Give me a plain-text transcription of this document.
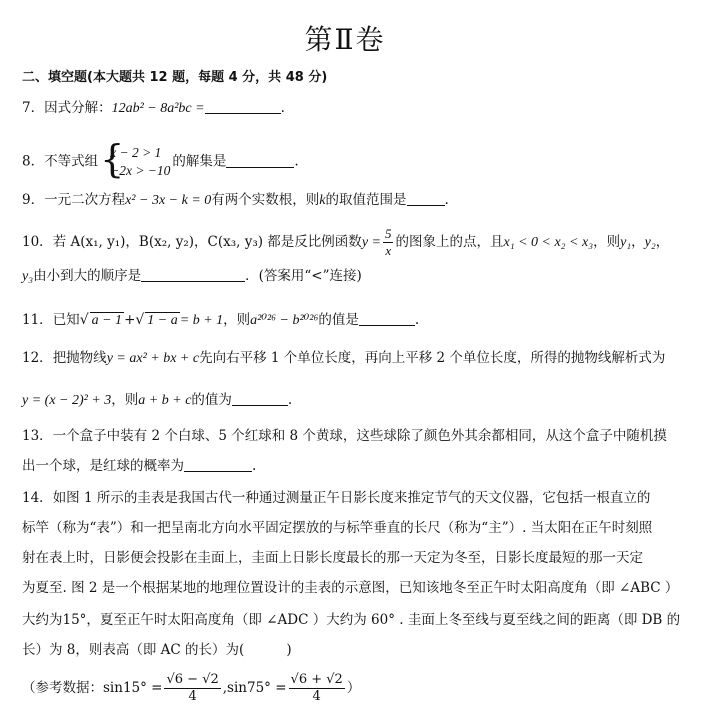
第Ⅱ卷
二、填空题(本大题共 12 题，每题 4 分，共 48 分)
7．因式分解：12ab² − 8a²bc =	.
8．不等式组 {
x − 2 > 1
−2x > −10
的解集是	.
9．一元二次方程x² − 3x − k = 0有两个实数根，则k的取值范围是	.
10．若 A(x₁, y₁)，B(x₂, y₂)，C(x₃, y₃) 都是反比例函数$y = \frac{5}{x}$ 的图象上的点，且x₁ < 0 < x₂ < x₃，则y₁，y₂，
y₃由小到大的顺序是	．(答案用“<”连接)
11．已知√ a − 1 +√ 1 − a = b + 1，则a²⁰²⁶ − b²⁰²⁶的值是	.
12．把抛物线y = ax² + bx + c先向右平移 1 个单位长度，再向上平移 2 个单位长度，所得的抛物线解析式为
y = (x − 2)² + 3，则a + b + c的值为	.
13．一个盒子中装有 2 个白球、5 个红球和 8 个黄球，这些球除了颜色外其余都相同，从这个盒子中随机摸
出一个球，是红球的概率为	.
14．如图 1 所示的圭表是我国古代一种通过测量正午日影长度来推定节气的天文仪器，它包括一根直立的
标竿（称为“表”）和一把呈南北方向水平固定摆放的与标竿垂直的长尺（称为“主”）. 当太阳在正午时刻照
射在表上时，日影便会投影在圭面上，圭面上日影长度最长的那一天定为冬至，日影长度最短的那一天定
为夏至. 图 2 是一个根据某地的地理位置设计的圭表的示意图，已知该地冬至正午时太阳高度角（即 ∠ABC ）
大约为15°，夏至正午时太阳高度角（即 ∠ADC ）大约为 60° . 圭面上冬至线与夏至线之间的距离（即 DB 的
长）为 8，则表高（即 AC 的长）为(	)
（参考数据：$\sin 15^\circ = \frac{√6 - √2}{4} ,\sin 75^\circ = \frac{√6 + √2}{4}$ ）
